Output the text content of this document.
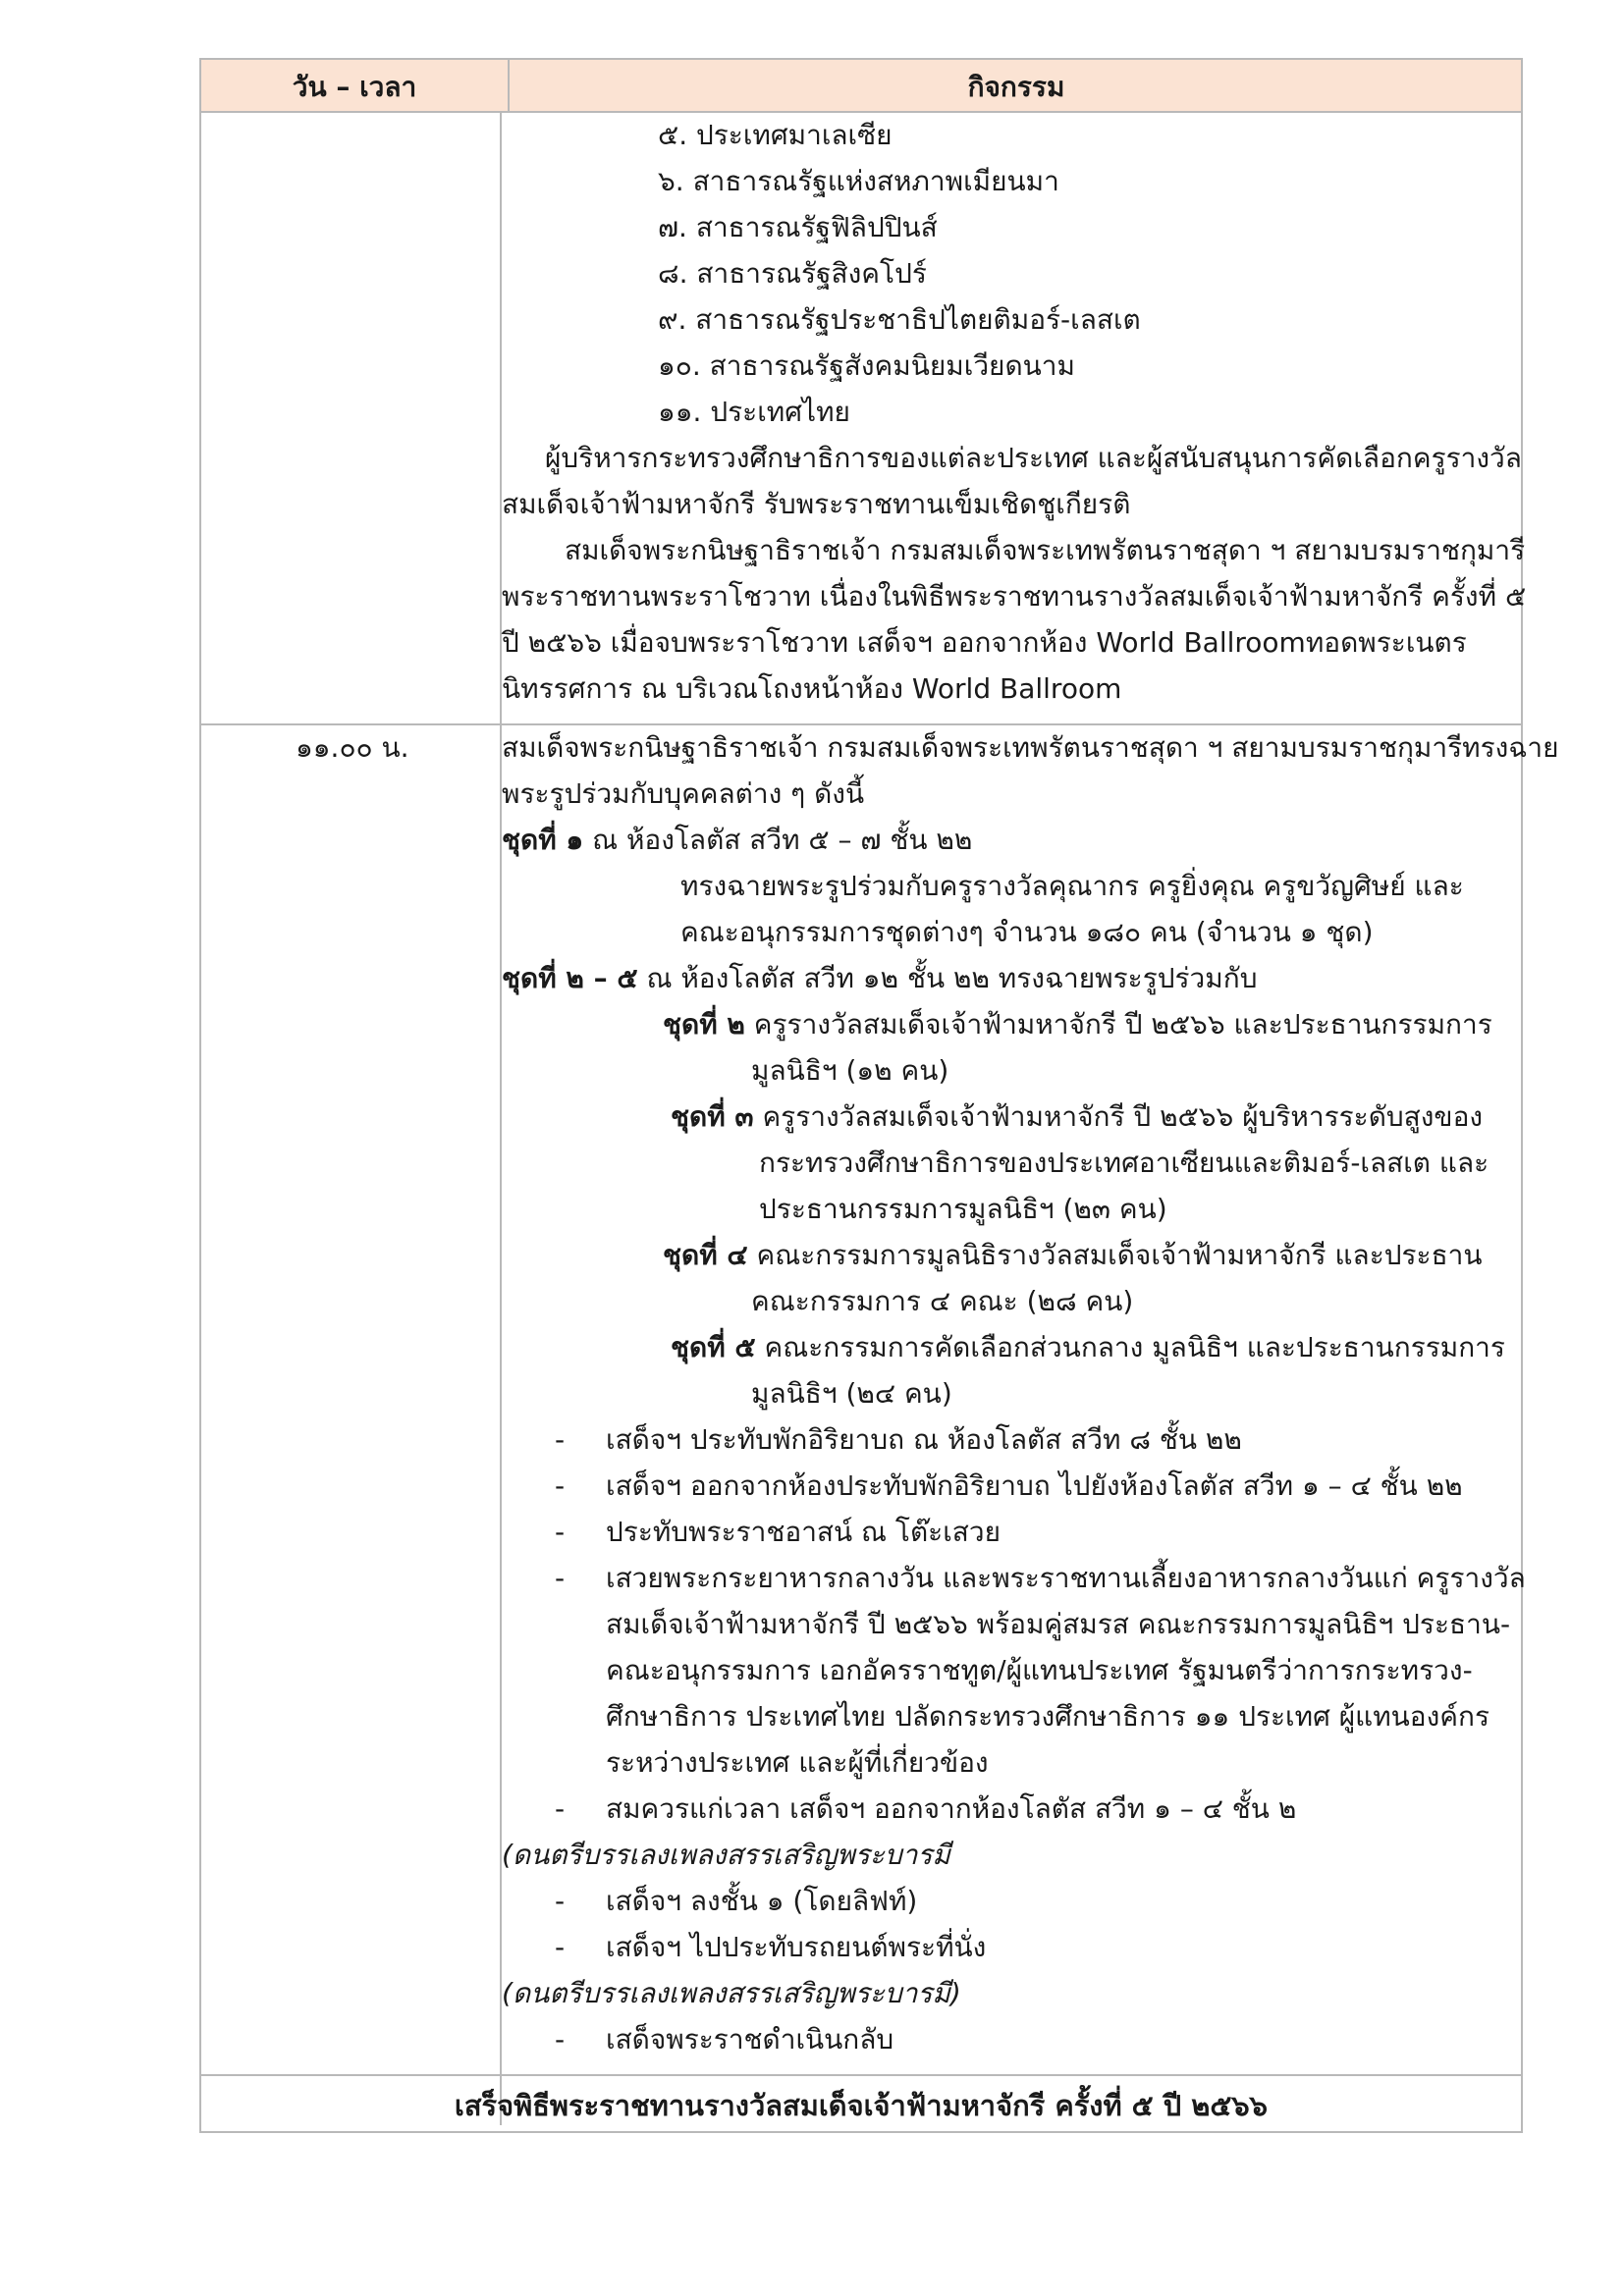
วัน – เวลา	กิจกรรม
๕. ประเทศมาเลเซีย
๖. สาธารณรัฐแห่งสหภาพเมียนมา
๗. สาธารณรัฐฟิลิปปินส์
๘. สาธารณรัฐสิงคโปร์
๙. สาธารณรัฐประชาธิปไตยติมอร์-เลสเต
๑๐. สาธารณรัฐสังคมนิยมเวียดนาม
๑๑. ประเทศไทย
ผู้บริหารกระทรวงศึกษาธิการของแต่ละประเทศ และผู้สนับสนุนการคัดเลือกครูรางวัล
สมเด็จเจ้าฟ้ามหาจักรี รับพระราชทานเข็มเชิดชูเกียรติ
สมเด็จพระกนิษฐาธิราชเจ้า กรมสมเด็จพระเทพรัตนราชสุดา ฯ สยามบรมราชกุมารี
พระราชทานพระราโชวาท เนื่องในพิธีพระราชทานรางวัลสมเด็จเจ้าฟ้ามหาจักรี ครั้งที่ ๕
ปี ๒๕๖๖ เมื่อจบพระราโชวาท เสด็จฯ ออกจากห้อง World Ballroomทอดพระเนตร
นิทรรศการ ณ บริเวณโถงหน้าห้อง World Ballroom
๑๑.๐๐ น.	สมเด็จพระกนิษฐาธิราชเจ้า กรมสมเด็จพระเทพรัตนราชสุดา ฯ สยามบรมราชกุมารีทรงฉาย
พระรูปร่วมกับบุคคลต่าง ๆ ดังนี้
ชุดที่ ๑ ณ ห้องโลตัส สวีท ๕ – ๗ ชั้น ๒๒
ทรงฉายพระรูปร่วมกับครูรางวัลคุณากร ครูยิ่งคุณ ครูขวัญศิษย์ และ
คณะอนุกรรมการชุดต่างๆ จำนวน ๑๘๐ คน (จำนวน ๑ ชุด)
ชุดที่ ๒ – ๕ ณ ห้องโลตัส สวีท ๑๒ ชั้น ๒๒ ทรงฉายพระรูปร่วมกับ
ชุดที่ ๒ ครูรางวัลสมเด็จเจ้าฟ้ามหาจักรี ปี ๒๕๖๖ และประธานกรรมการ
มูลนิธิฯ (๑๒ คน)
ชุดที่ ๓ ครูรางวัลสมเด็จเจ้าฟ้ามหาจักรี ปี ๒๕๖๖ ผู้บริหารระดับสูงของ
กระทรวงศึกษาธิการของประเทศอาเซียนและติมอร์-เลสเต และ
ประธานกรรมการมูลนิธิฯ (๒๓ คน)
ชุดที่ ๔ คณะกรรมการมูลนิธิรางวัลสมเด็จเจ้าฟ้ามหาจักรี และประธาน
คณะกรรมการ ๔ คณะ (๒๘ คน)
ชุดที่ ๕ คณะกรรมการคัดเลือกส่วนกลาง มูลนิธิฯ และประธานกรรมการ
มูลนิธิฯ (๒๔ คน)
- เสด็จฯ ประทับพักอิริยาบถ ณ ห้องโลตัส สวีท ๘ ชั้น ๒๒
- เสด็จฯ ออกจากห้องประทับพักอิริยาบถ ไปยังห้องโลตัส สวีท ๑ – ๔ ชั้น ๒๒
- ประทับพระราชอาสน์ ณ โต๊ะเสวย
- เสวยพระกระยาหารกลางวัน และพระราชทานเลี้ยงอาหารกลางวันแก่ ครูรางวัล
สมเด็จเจ้าฟ้ามหาจักรี ปี ๒๕๖๖ พร้อมคู่สมรส คณะกรรมการมูลนิธิฯ ประธาน-
คณะอนุกรรมการ เอกอัครราชทูต/ผู้แทนประเทศ รัฐมนตรีว่าการกระทรวง-
ศึกษาธิการ ประเทศไทย ปลัดกระทรวงศึกษาธิการ ๑๑ ประเทศ ผู้แทนองค์กร
ระหว่างประเทศ และผู้ที่เกี่ยวข้อง
- สมควรแก่เวลา เสด็จฯ ออกจากห้องโลตัส สวีท ๑ – ๔ ชั้น ๒
(ดนตรีบรรเลงเพลงสรรเสริญพระบารมี
- เสด็จฯ ลงชั้น ๑ (โดยลิฟท์)
- เสด็จฯ ไปประทับรถยนต์พระที่นั่ง
(ดนตรีบรรเลงเพลงสรรเสริญพระบารมี)
- เสด็จพระราชดำเนินกลับ
เสร็จพิธีพระราชทานรางวัลสมเด็จเจ้าฟ้ามหาจักรี ครั้งที่ ๕ ปี ๒๕๖๖
